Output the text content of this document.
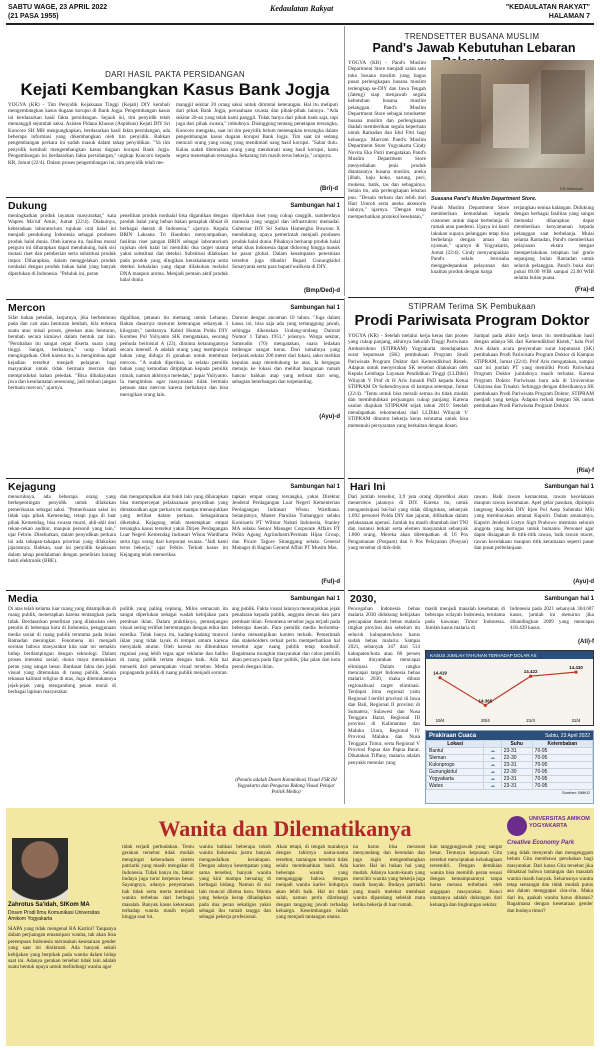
SABTU WAGE, 23 APRIL 2022
(21 PASA 1955)
Kedaulatan Rakyat	"KEDAULATAN RAKYAT"
HALAMAN 7
DARI HASIL PAKTA PERSIDANGAN
Kejati Kembangkan Kasus Bank Jogja
YOGYA (KR) - Tim Penyidik Kejaksaan Tinggi (Kejati) DIY kembali mengembangkan kasus dugaan korupsi di Bank Jogja. Pengembangan kasus ini berdasarkan hasil fakta persidangan. Sejauh ini, tim penyidik telah memanggil sejumlah saksi. Asisten Pidana Khusus (Aspidsus) Kejati DIY Sri Kuncoro SH MH mengungkapkan, berdasarkan hasil fakta persidangan, ada beberapa informasi yang dikembangkan oleh tim penyidik. Bahkan pengembangan perkara ini sudah masuk dalam tahap penyidikan. "Ya tim penyidik kembali mengembangkan kasus dugaan korupsi Bank Jogja. Pengembangan ini berdasarkan fakta persidangan," ungkap Kuncoro kepada KR, Jumat (22/4). Dalam proses pengembangan ini, tim penyidik telah me-
manggil sekitar 20 orang saksi untuk dimintai keterangan. Hal itu meliputi dari pihak Bank Jogja, perusahaan swasta dan pihak-pihak lainnya. "Ada sekitar 20-an yang telah kami panggil. Tidak hanya dari pihak bank saja, tapi juga dari pihak swasta," imbuhnya. Disinggung tentang penetapan tersangka, Kuncoro mengaku, saat ini tim penyidik belum menetapkan tersangka dalam pengembangan kasus dugaan korupsi Bank Jogja. Tim saat ini sedang mencari orang yang orang yang menikmati uang hasil korupsi. "Sabar dulu. Kalau sudah ditemukan orang yang menikmati uang hasil korupsi, kami segera menetapkan tersangka. Sekarang tim masih terus bekerja," ucapnya.
(Bri)-d
TRENDSETTER BUSANA MUSLIM
Pand's Jawab Kebutuhan Lebaran
YOGYA (KR) - Pand's Muslim Department Store menjadi salah satu toko busana muslim yang bagus pusat perlengkapan busana muslim terlengkap se-DIY dan Jawa Tengah (Jateng) siap menjawab segala kebutuhan busana muslim pelanggan. Pand's Muslim Department Store sebagai trendsetter busana muslim dan perlengkapan ibadah memberikan segala keperluan untuk Ramadan dan Idul Fitri bagi keluarga. Marcom Pand's Muslim Department Store Yogyakarta Cindy Novita Eka Putri mengatakan Pand's Muslim Department Store menyediakan jenis produk diantaranya busana muslim, aneka jilbab, baju koko, sarung, peci, mukena, batik, tas dan sebagainya. Selain itu, ada perlengkapan lebaran pun. "Desain terbaru dan lebih dari Hari Umroh serta aneka aksesoris lainnya," ujarnya. "Dengan tetap memperhatikan protokol kesehatan,"
KR-Istimewa
Suasana Pand's Muslim Department Store.
Pands Muslim Department Store memberikan kemudahan kepada customer untuk dapat berbelanja di rumah atau pandemi. Upaya ini kami lakukan supaya pelanggan tetap bisa berbelanja dengan aman dan nyaman," ujarnya di Yogyakarta, Jumat (22/4). Cindy menyampaikan Pand's selalu berusaha menggedepankan pelayanan dan kualitas produk dengan harga
terjangkau semua kalangan. Didukung dengan berbagai fasilitas yang sangat memadai diharapkan dapat memberikan kenyamanan kepada pelanggan saat berbelanja. Mulai selama Ramadan, Pand's memberikan pelayanan ekstra dengan memperlakukan tetapkan hal gratis sepanjang bulan Ramadan untuk seluruh pelanggan. Pand's buka dari pukul 09.00 WIB sampai 22.00 WIB selama bulan puasa.
(Fra)-d
Dukung	Sambungan hal 1
meningkatkan produk layanan masyarakat," kata Wapres Ma'ruf Amin, Jumat (22/4). Diakuinya, keberadaan laboratorium rujukan oral halal ini menjadi pendukung Indonesia sebagai produsen produk halal dunia. Oleh karena itu, fasilitas moral perguru ini diharapkan dapat mendukung, baik sisi mutasi riset dan pemberian serta substitusi produk impor. Diharapkan, dalam menggelakan produk nonhalal dengan produk bahan halal yang banyak diperlukan di Indonesia. "Peluluk ini, peran
penelitian produk nonhalal bisa digantikan dengan produk halal yang beban bakan penaplah dibuat di berbagai daerah di Indonesia," ujarnya. Kepala BRIN Laksana Tri Handoko menyampaikan, fasilitas riset pangan BRIN sebagai laboratorium rujukan oleh halal ini memiliki dua target utama yakni substitusi dan deteksi. Substitusi dilakukan pada produk yang ditugikan ketrakalannya serta deteksi kehalalan yang dapat dilakukan melalui DNA maupun aroma. Menjadi pemain aktif produk halal dunia
diperlukan riset yang cukup canggih, sumberdaya manusia yang unggul dan infrastruktur memadai. Gubernur DIY Sri Sultan Hamengku Buwono X mendukung upaya pemerintah menjadi produsen produk halal dunia. Pihaknya berharap produk halal sehat khas Indonesia dapat didorong hingga masuk ke pasar global. Dalam kesempatan peresmian tersebut juga dihadiri Bupati Gunungkidul Sunaryanta serta para bupati/walikota di DIY.
(Bmp/Ded)-d
Mercon	Sambungan hal 1
Sifat bahan peledak, lanjutnya, jika berbenturan pada dan cair atau benturan lembab, bila terkena suatu atau misal proses, gesekan atau benturan, berubah secara kimiawi dalam bentuk zat lain. "Perubahan itu sangat cepat diserta suara yang tinggi. Sangat, berbahaya," ucap Suhadi mengingatkan. Oleh karena itu, ia mengimbau agar kejadian tersebut menjadi pelajaran bagi masyarakat untuk tidak bermain mercon dan memproduksi bahan peledak. "Bisa dibahayakan jiwa dan keselamatan seseorang, jadi mohon jangan bermain mercon," ujarnya.
digalihan, petasan itu memang untuk Lebaran. Bahan dasarnya menurut keterangan sebanyak 3 kilogram," tandasnya. Kabid Humas Polda DIY Kombes Pol Yuliyanto SIK mengatakan, seorang pemuda berinisial A (23), diminta ketarangannya secara intensif. A adalah orang yang mempunyai bahan yang diduga di gunakan untuk membuat mercon. "A sudah diperiksa, ia selaku pemilik bahan yang kemudian ditiptipkan kepada pemilik rumah, namun akhirnya meledak," papar Yuliyanto. Ia mengimbau agar masyarakat tidak bermain petasan atau mercon karena berbahaya dan bisa merugikan orang lain.
Darurat dengan ancaman 10 tahun. "Juga dalam kasus ini, bisa saja ada yang tertanggung jawab, sehingga dikenakan Undang-undang Darurat Nomor 1 Tahun 1951," jelasnya. Warga sekitar, Samsudin (70) mengatakan, suara ledakan terdengar sangat keras. Dari rumahnya yang berjarak sekitar 200 meter dari lokasi, saksi melihat kepulan asap membubung ke atas. Ia bergegas menuju ke lokasi dan melihat bangunan rumah hancur bahkan atap yang terbuat dari seng, sebagian beterbangan dan terpelanting.
(Ayu)-d
Kejagung	Sambungan hal 1
menuruhnya, ada beberapa orang yang berkepentingan penyidik untuk dilakukan pemeriksaan sebagai saksi. "Pemeriksaan saksi ini tidak saja pihak Kemendag, tetapi juga di luar pihak Kemendag, bisa swasta murni, ahli-ahli dari rekan-rekan auditor, maupun personil yang lain," ujar Febrie. Disebutkan, dalam penyidikan perkara ini ada tahapan-tahapan prioritas yang dilakukan jajarannya. Bahkan, saat ini penyidik kejaksaan dalam tahap pendalaman dengan penelitian barang bukti elektronik (BBE).
dan mengumpulkan alat bukti lain yang diharapkan bisa mempercepat pelaksanaan penyidikan yang dimaksudkan agar perkara ini mampu menunjukkan yang terlibat dalam perkara. Sebagaimana diketahui, Kejagung telah menetapkan empat tersangka kasus tersebut yakni Dirjen Perdagangan Luar Negeri Kemendag Indrasari Wisnu Wardhana serta tiga orang dari korporasi swasta. "Jadi kami terus bekerja," ujar Febrie. Terkait kasus ini Kejagung telah memeriksa
tapkan empat orang tersangka, yakni Direktur Jenderal Perdagangan Luar Negeri Kementerian Perdagangan Indrasari Wisnu Wardhana. Selanjutnya, Master Parulian Tumanggor selaku Komisaris PT Wilmar Nabati Indonesia, Stanley MA selaku Senior Manager Corporate Affairs PT Pelita Agung Agriindustri/Permata Hijau Group, dan Picare Tagore Sitanggang selaku General Manager di Bagian General Affair PT Musim Mas.
(Ful)-d
Media	Sambungan hal 1
Di atas telah kelama luar ruang yang ditampilkan di ruang publik, menerapkan karena tentangkan pada tidak. Berdasarkan penelitian yang dilakukan oleh penulis di beberapa kota di Indonesia, penggunaan media sosial di ruang publik terutama pada bulan Ramadan meningkat. Fenomena ini menjadi sorotan bahwa masyarakat kita saat ini semakin hidup berdampingan dengan teknologi. Dalam proses interaksi sosial, dunia maya memainkan peran yang sangat besar. Bardasar fakta dan jejak visual yang ditemukan di ruang publik, Selain tekanan kalimat religius di atas, Juga ditemukannya jejak-jejak yang mengandung pesan moral di berbagai lapisan masyarakat.
politik yang paling ceplong. Milos semacam itu sangat diperlukan sebagai wadah kebijakan para pembuat iklan. Dalam praktiknya, pemanjangan visual sering terlihat bertentangan dengan etika dan estetika. Tidak hanya itu, kadang-kadang muncul iklan yang tidak layak di tempat umum karena menyalahi aturan. Oleh karena itu dibutuhkan regulasi yang lebih tegas agar reklame dan baliho di ruang publik tertata dengan baik. Ada hal menarik dari penampakan visual tersebut. Media propaganda politik di ruang publik menjadi sorotan.
ang publik. Fakta visual lainnya menunjukkan jejak penalaran kepada publik, anggota dewan dan para pembuat iklan. Fenomena tersebut juga terjadi pada beberapa daerah. Para pemilik media berlomba-lomba menampilkan konten terbaik. Pemerintah dan stakeholders terkait perlu memperhatikan hal tersebut agar ruang publik tetap kondusif. Bagaimana mungkin masyarakat dan calon pemilih akan percaya pada figur politik, jika jalan dan kota penuh dengan iklan.
(Penulis adalah Dosen Komunikasi Visual FSR ISI Yogyakarta dan Pengurus Bidang Visual Pelajar Politik Media)
STIPRAM Terima SK Pembukaan
Prodi Pariwisata Program Doktor
YOGYA (KR) - Setelah melalui kerja keras dan proses yang cukup panjang, akhirnya Sekolah Tinggi Pariwisata Ambarrukmo (STIPRAM) Yogyakarta mendapatkan surat keputusan (SK) pembukaan Program Studi Pariwisata Program Doktor dari Kemendikbud Ristek. Adapun untuk menyerahan SK tersebut dilakukan oleh Kepala Lembaga Layanan Pendidikan Tinggi (LLDikti) Wilayah V Prof dr H Aris Junaidi PhD kepada Ketua STIPRAM Dr Suhendroyono di kampus setempat, Jumat (22/4). "Tentu untuk bisa meraih semua itu tidak mudah dan membutuhkan perjuangan cukup panjang. Karena usulan diajukan STIPRAM sejak tahun 2019. Setelah mendapatkan rekomendasi dari LLDikti Wilayah V STIPRAM dituntut bekerja keras terutama untuk bisa memenuhi persyaratan yang berkaitan dengan dosen.
Sampai pada akhir kerja keras itu membuahkan hasil dengan adanya SK dari Kemendikbud Ristek," kata Prof Aris dalam acara penyerahan surat keputusan (SK) pembukaan Prodi Pariwisata Program Doktor di Kampus STIPRAM, Jumat (22/4). Prof Aris mengatakan, sampai saat ini jumlah PT yang memiliki Prodi Pariwisata Program Doktor jumlahnya masih terbatas. Karena Program Doktor Pariwisata baru ada di Universitas Udayana dan Trisakti. Sehingga dengan diberikannya SK pembukaan Prodi Pariwisata Program Doktor, STIPRAM menjadi yang ketiga. Adapun terkait dengan SK untuk pembukaan Prodi Pariwisata Program Doktor.
(Ria)-f
Hari Ini	Sambungan hal 1
Dari jumlah tersebut, 3,9 juta orang diprediksi akan menerobos jalannya di DIY. Karena itu, untuk mengantisipasi hal-hal yang tidak diinginkan, sebanyak 1.692 personel Polda DIY dan jajaran, dilibatkan dalam pelaksanaan operasi. Jumlah itu masih ditambah dari TNI dan instansi terkait serta elemen masyarakat sebanyak 1.800 orang. Mereka akan ditempatkan di 16 Pos Pengamanan (Pospam) dan 6 Pos Pelayanan (Posyan) yang tersebar di titik-titik
rawan. Baik rawan kemacetan, rawan kecelakaan maupun rawan keramaian. Apel gelar pasukan, dipimpin langsung Kapolda DIY Irjen Pol Asep Suhendar MSi yang membacakan amanat Kapolri. Dalam amanatnya, Kapolri Jenderal Listyo Sigit Prabowo meminta seluruh anggota yang bertugas untuk humanis. Personel agar dapat disiagakan di titik-titik rawan, baik rawan macet, rawan kecelakaan maupun titik keramaian seperti pasar dan pusat perbelanjaan.
(Ayu)-d
2030,	Sambungan hal 1
Pencegahan Indonesia bebas malaria 2030 didukung kebijakan pencapaian daerah bebas malaria tingkat provinsi dan sebelum itu seluruh kabupaten/kota harus sudah bebas malaria. Sampai 2021, sebanyak 347 dari 514 kabupaten/kota atau 68 persen sudah dinyatakan mencapai eliminasi. Dalam rangka mencapai target Indonesia bebas malaria 2030, maka dibuat regionalisasi target eliminasi. Terdapat lima regional yaitu Regional I terdiri provinsi di Jawa dan Bali, Regional II provinsi di Sumatera, Sulawesi dan Nusa Tenggara Barat, Regional III provinsi di Kalimantan dan Maluku Utara, Regional IV Provinsi Maluku dan Nusa Tenggara Timur, serta Regional V Provinsi Papua dan Papua Barat. Dikatakan Tiffany, malaria adalah penyakit menular yang
masih menjadi masalah kesehatan di beberapa wilayah Indonesia, terutama pada kawasan Timur Indonesia. Jumlah kasus malaria di
Indonesia pada 2021 sebanyak 304.607 kasus, jumlah ini menurun jika dibandingkan 2009 yang mencapai 418.439 kasus.
(Ati)-f
KASUS JUMLAH TAHUNAN TERHADAP DOLAR AS
14.419
19/4
14.365
20/4
14.422
21/4
14.430
22/4
Prakiraan Cuaca	Sabtu, 23 April 2022
Lokasi		Suhu	Kelembaban
Bantul	☁	23-31	70-95
Sleman	☁	22-30	70-95
Kulonprogo	☁	23-31	70-95
Gunungkidul	☁	22-30	70-95
Yogyakarta	☁	23-31	70-95
Wates	☁	23-31	70-95
Sumber: BMKG
Wanita dan Dilematikanya
Zahrotus Sa'idah, SIKom MA
Dosen Prodi Ilmu Komunikasi Universitas Amikom Yogyakarta
SIAPA yang tidak mengenal RA Kartini? Tanpanya dalam perjuangan emansipasi wanita, tak akan bisa perempuan Indonesia merasakan kesetaraan gender yang saat ini dinikmati. Ada banyak sekali kebijakan yang berpihak pada wanita dalam hidup saat ini. Adanya gerakan tersebut tidak lain adalah suatu bentuk upaya untuk melindungi wanita agar
tidak terjadi perbudakan. Tentu gerakan tersebut tidak mudah mengingat keberadaan sistem patriarki yang masih mengakar di Indonesia. Tidak hanya itu, faktor budaya juga turut berperan besar. Sayangnya, adanya penyetaraan hak tidak serta merta membuat wanita terbebas dari berbagai masalah. Banyak kasus kekerasan terhadap wanita masih terjadi hingga saat ini.
wanita bahkan beberapa tokoh wanita Indonesia justru banyak mengandalkan kecakapan. Dengan adanya kesempatan yang sama tersebut, banyak wanita yang kini mampu bersaing di berbagai bidang. Namun di sisi lain muncul dilema baru. Wanita yang bekerja kerap dihadapkan pada dua peran sekaligus yakni sebagai ibu rumah tangga dan sebagai pekerja profesional.
Akan tetapi, di tengah maraknya dengan lahirnya nama-nama tersebut, tantangan tersebut tidak selalu membuahkan hasil. Ada beberapa wanita yang menganggap bahwa dengan menjadi wanita karier hidupnya akan lebih baik. Hal ini tidak salah, namun perlu diimbangi dengan tanggung jawab terhadap keluarga. Keseimbangan inilah yang menjadi tantangan utama.
na harus bisa merawat menyandang dan berendan dan juga ingin mengembangkan karier. Hal ini bukan hal yang mudah. Adanya kaum-kaum yang mencibir wanita yang bekerja juga masih banyak. Budaya patriarki yang masih melekat membuat wanita dipandang sebelah mata ketika bekerja di luar rumah.
kan tanggungjawab yang sangat besar. Tentunya kepuasan Gita tersebut menciptakan kebahagiaan tersendiri. Dengan demikian wanita bisa memilih peran sesuai dengan kemampuannya tanpa harus merasa terbebani oleh anggapan masyarakat. Kunci utamanya adalah dukungan dari keluarga dan lingkungan sekitar.
UNIVERSITAS AMIKOM YOGYAKARTA
Creative Economy Park
yang tidak menyerah dan mengenggam belum Gita membawa perubahan bagi masyarakat. Dari kasus Gita tersebut jika dimaknai bahwa tantangan dan masalah wanita masih banyak. Seharusnya wanita tetap semangat dan tidak mudah putus asa dalam menggapai cita-cita. Maka dari itu, apakah wanita harus dibatasi? Bagaimana dengan kesetaraan gender dan budaya timur?
